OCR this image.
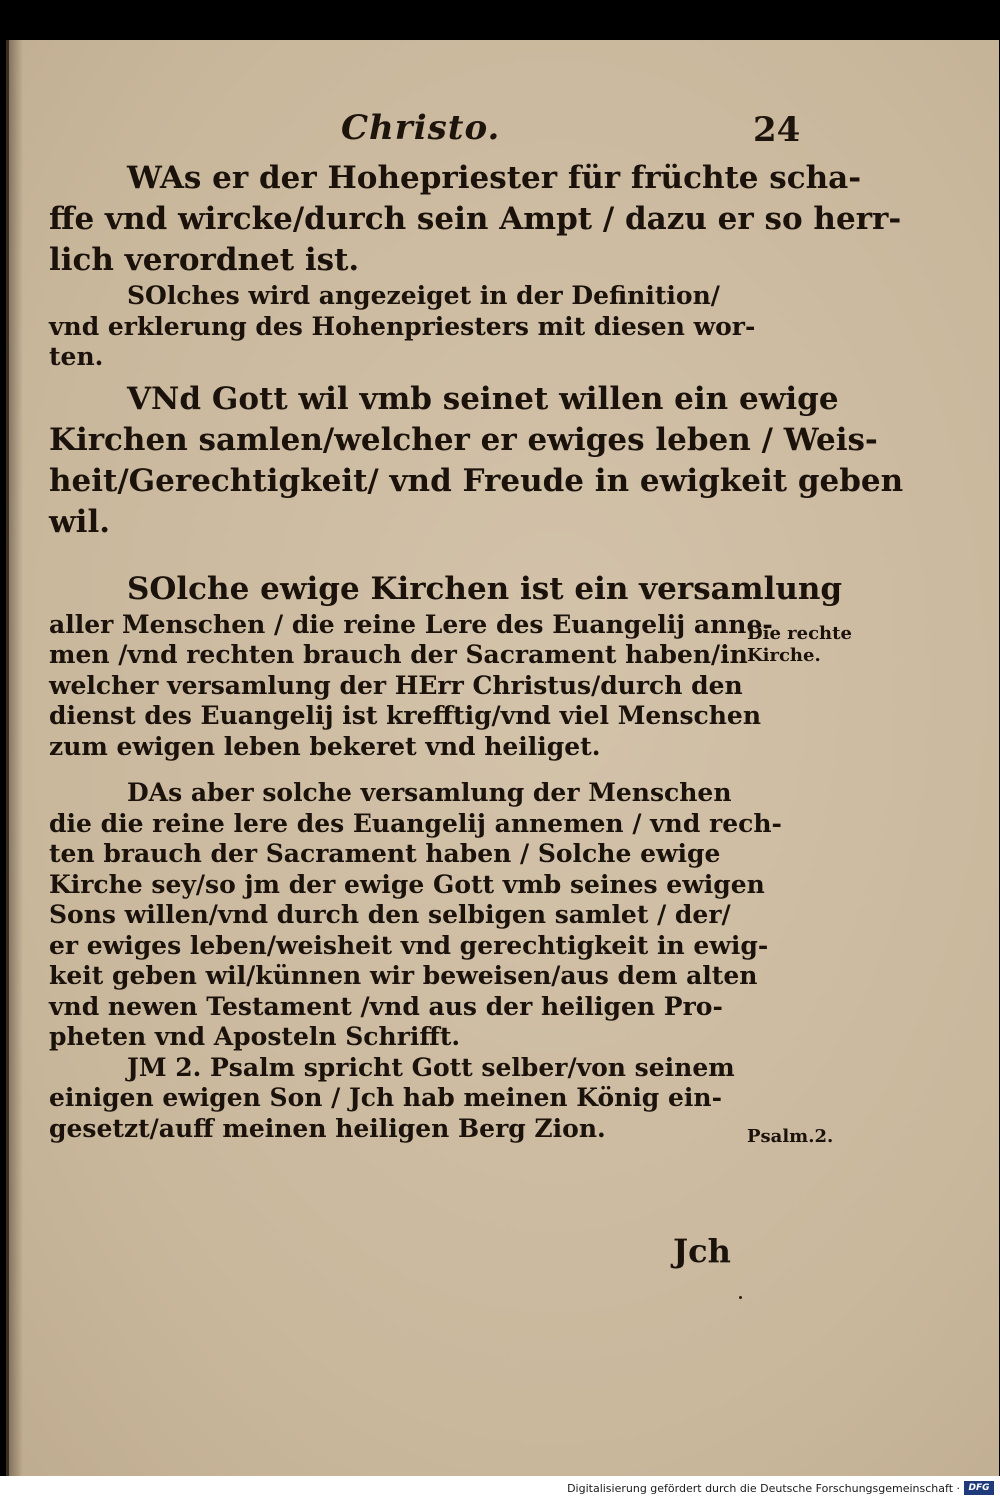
Christo.	24
WAs er der Hohepriester für früchte scha-
ffe vnd wircke/durch sein Ampt / dazu er so herr-
lich verordnet ist.
SOlches wird angezeiget in der Definition/
vnd erklerung des Hohenpriesters mit diesen wor-
ten.
VNd Gott wil vmb seinet willen ein ewige
Kirchen samlen/welcher er ewiges leben / Weis-
heit/Gerechtigkeit/ vnd Freude in ewigkeit geben
wil.
SOlche ewige Kirchen ist ein versamlung
aller Menschen / die reine Lere des Euangelij anne-
men /vnd rechten brauch der Sacrament haben/in
welcher versamlung der HErr Christus/durch den
dienst des Euangelij ist krefftig/vnd viel Menschen
zum ewigen leben bekeret vnd heiliget.
DAs aber solche versamlung der Menschen
die die reine lere des Euangelij annemen / vnd rech-
ten brauch der Sacrament haben / Solche ewige
Kirche sey/so jm der ewige Gott vmb seines ewigen
Sons willen/vnd durch den selbigen samlet / der/
er ewiges leben/weisheit vnd gerechtigkeit in ewig-
keit geben wil/künnen wir beweisen/aus dem alten
vnd newen Testament /vnd aus der heiligen Pro-
pheten vnd Aposteln Schrifft.
JM 2. Psalm spricht Gott selber/von seinem
einigen ewigen Son / Jch hab meinen König ein-
gesetzt/auff meinen heiligen Berg Zion.
Die rechte
Kirche.
Psalm.2.
Jch
Digitalisierung gefördert durch die Deutsche Forschungsgemeinschaft · DFG
